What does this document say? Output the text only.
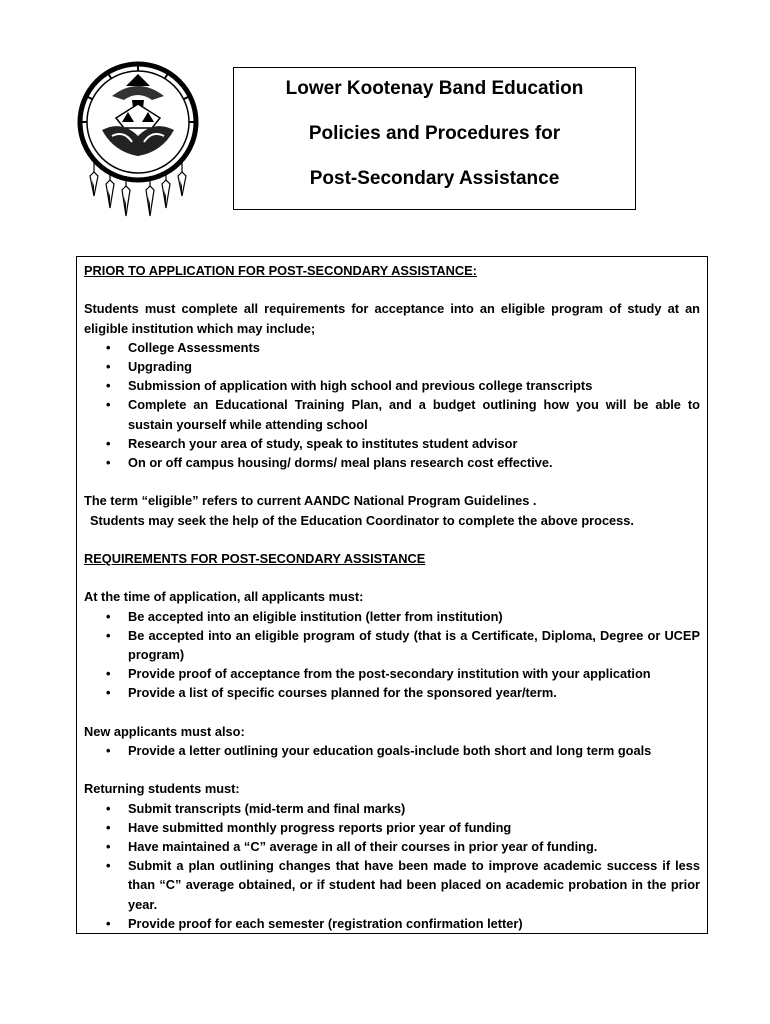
Lower Kootenay Band Education
Policies and Procedures for
Post-Secondary Assistance

PRIOR TO APPLICATION FOR POST-SECONDARY ASSISTANCE:

Students must complete all requirements for acceptance into an eligible program of study at an eligible institution which may include;

• College Assessments
• Upgrading
• Submission of application with high school and previous college transcripts
• Complete an Educational Training Plan, and a budget outlining how you will be able to sustain yourself while attending school
• Research your area of study, speak to institutes student advisor
• On or off campus housing/ dorms/ meal plans research cost effective.

The term “eligible” refers to current AANDC National Program Guidelines .

Students may seek the help of the Education Coordinator to complete the above process.

REQUIREMENTS FOR POST-SECONDARY ASSISTANCE

At the time of application, all applicants must:

• Be accepted into an eligible institution (letter from institution)
• Be accepted into an eligible program of study (that is a Certificate, Diploma, Degree or UCEP program)
• Provide proof of acceptance from the post-secondary institution with your application
• Provide a list of specific courses planned for the sponsored year/term.

New applicants must also:

• Provide a letter outlining your education goals-include both short and long term goals

Returning students must:

• Submit transcripts (mid-term and final marks)
• Have submitted monthly progress reports prior year of funding
• Have maintained a “C” average in all of their courses in prior year of funding.
• Submit a plan outlining changes that have been made to improve academic success if less than “C” average obtained, or if student had been placed on academic probation in the prior year.
• Provide proof for each semester (registration confirmation letter)
